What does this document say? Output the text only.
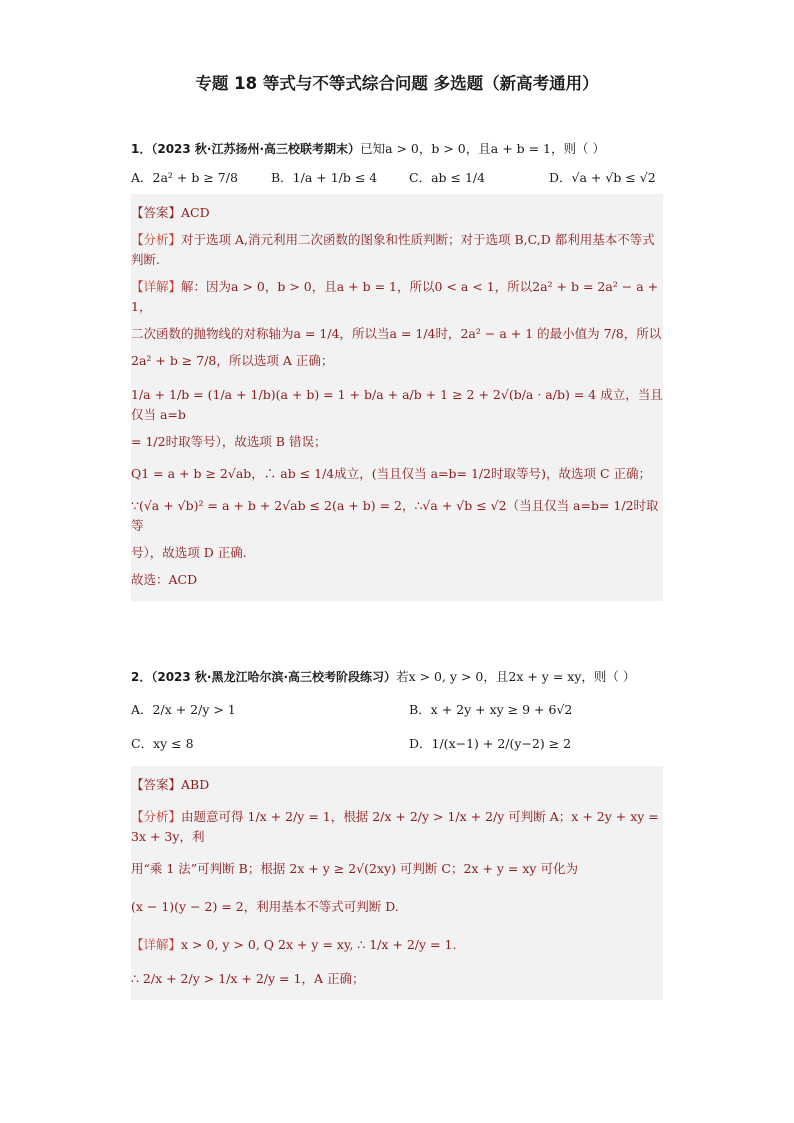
专题 18 等式与不等式综合问题 多选题（新高考通用）
1．（2023 秋·江苏扬州·高三校联考期末）已知a > 0，b > 0，且a + b = 1，则（ ）
A．2a² + b ≥ 7/8	B．1/a + 1/b ≤ 4	C．ab ≤ 1/4	D．√a + √b ≤ √2
【答案】ACD
【分析】对于选项 A,消元利用二次函数的图象和性质判断；对于选项 B,C,D 都利用基本不等式判断.
【详解】解：因为a > 0，b > 0，且a + b = 1，所以0 < a < 1，所以2a² + b = 2a² − a + 1，
二次函数的抛物线的对称轴为a = 1/4，所以当a = 1/4时，2a² − a + 1 的最小值为 7/8，所以
2a² + b ≥ 7/8，所以选项 A 正确；
1/a + 1/b = (1/a + 1/b)(a + b) = 1 + b/a + a/b + 1 ≥ 2 + 2√(b/a · a/b) = 4 成立，当且仅当 a=b
= 1/2时取等号），故选项 B 错误；
Q1 = a + b ≥ 2√ab，∴ ab ≤ 1/4成立，(当且仅当 a=b= 1/2时取等号)，故选项 C 正确；
∵(√a + √b)² = a + b + 2√ab ≤ 2(a + b) = 2，∴√a + √b ≤ √2（当且仅当 a=b= 1/2时取等
号），故选项 D 正确.
故选：ACD
2．（2023 秋·黑龙江哈尔滨·高三校考阶段练习）若x > 0, y > 0，且2x + y = xy，则（ ）
A．2/x + 2/y > 1	B．x + 2y + xy ≥ 9 + 6√2
C．xy ≤ 8	D．1/(x−1) + 2/(y−2) ≥ 2
【答案】ABD
【分析】由题意可得 1/x + 2/y = 1，根据 2/x + 2/y > 1/x + 2/y 可判断 A；x + 2y + xy = 3x + 3y，利
用“乘 1 法”可判断 B；根据 2x + y ≥ 2√(2xy) 可判断 C；2x + y = xy 可化为
(x − 1)(y − 2) = 2，利用基本不等式可判断 D.
【详解】x > 0, y > 0, Q 2x + y = xy, ∴ 1/x + 2/y = 1.
∴ 2/x + 2/y > 1/x + 2/y = 1，A 正确；
